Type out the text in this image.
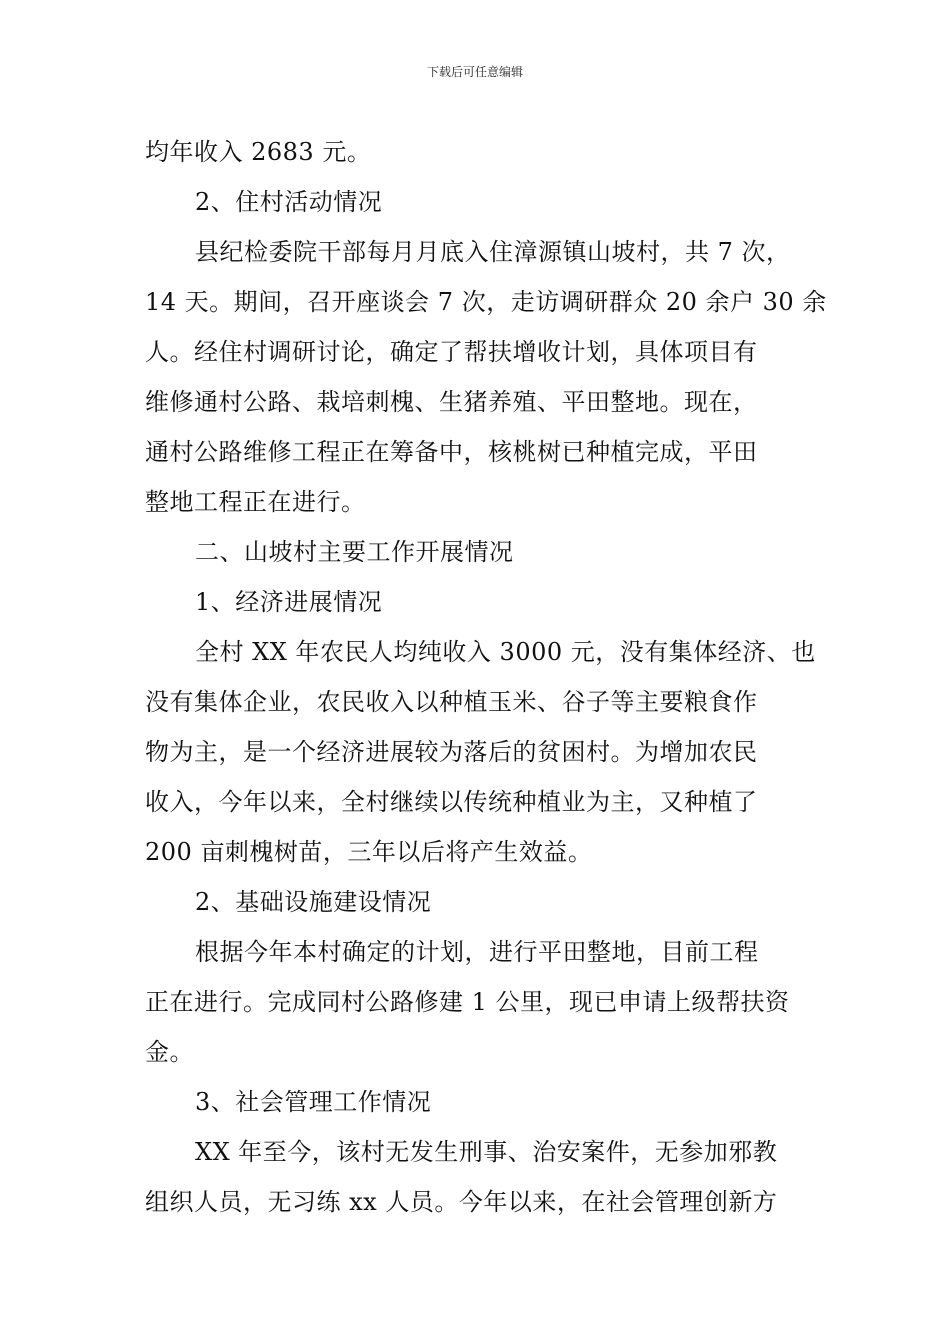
下载后可任意编辑
均年收入 2683 元。
2、住村活动情况
县纪检委院干部每月月底入住漳源镇山坡村，共 7 次，
14 天。期间，召开座谈会 7 次，走访调研群众 20 余户 30 余
人。经住村调研讨论，确定了帮扶增收计划，具体项目有
维修通村公路、栽培刺槐、生猪养殖、平田整地。现在，
通村公路维修工程正在筹备中，核桃树已种植完成，平田
整地工程正在进行。
二、山坡村主要工作开展情况
1、经济进展情况
全村 XX 年农民人均纯收入 3000 元，没有集体经济、也
没有集体企业，农民收入以种植玉米、谷子等主要粮食作
物为主，是一个经济进展较为落后的贫困村。为增加农民
收入，今年以来，全村继续以传统种植业为主，又种植了
200 亩刺槐树苗，三年以后将产生效益。
2、基础设施建设情况
根据今年本村确定的计划，进行平田整地，目前工程
正在进行。完成同村公路修建 1 公里，现已申请上级帮扶资
金。
3、社会管理工作情况
XX 年至今，该村无发生刑事、治安案件，无参加邪教
组织人员，无习练 xx 人员。今年以来，在社会管理创新方
